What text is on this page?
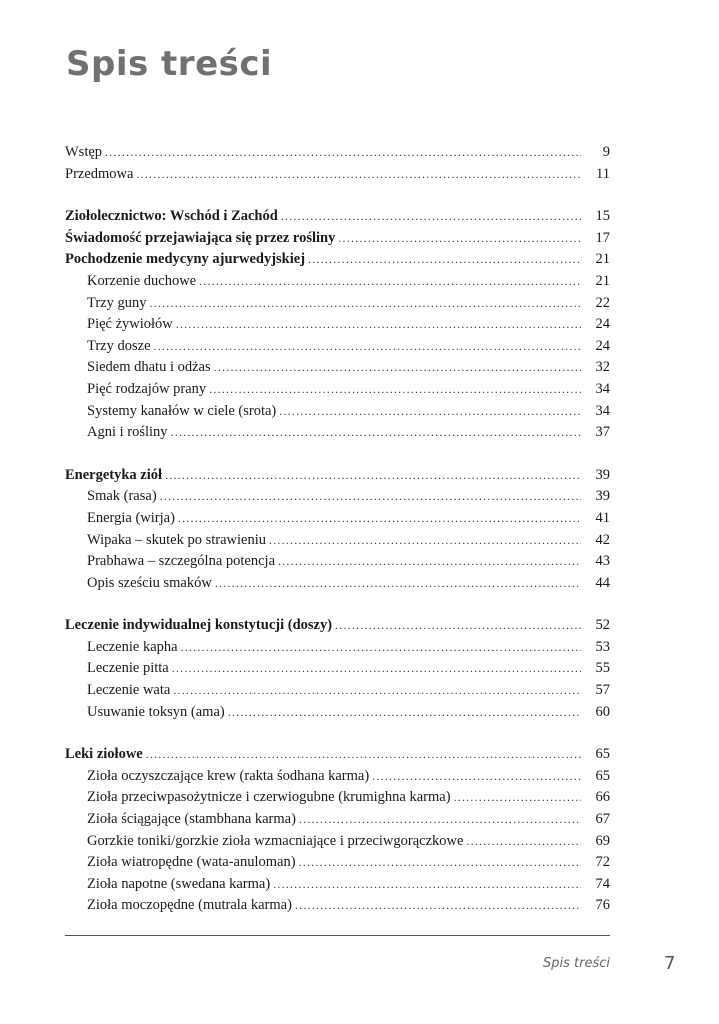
Spis treści
Wstęp .....	9
Przedmowa .....	11
Ziołolecznictwo: Wschód i Zachód .....	15
Świadomość przejawiająca się przez rośliny .....	17
Pochodzenie medycyny ajurwedyjskiej .....	21
Korzenie duchowe .....	21
Trzy guny .....	22
Pięć żywiołów .....	24
Trzy dosze .....	24
Siedem dhatu i odżas .....	32
Pięć rodzajów prany .....	34
Systemy kanałów w ciele (srota) .....	34
Agni i rośliny .....	37
Energetyka ziół .....	39
Smak (rasa) .....	39
Energia (wirja) .....	41
Wipaka – skutek po strawieniu .....	42
Prabhawa – szczególna potencja .....	43
Opis sześciu smaków .....	44
Leczenie indywidualnej konstytucji (doszy) .....	52
Leczenie kapha .....	53
Leczenie pitta .....	55
Leczenie wata .....	57
Usuwanie toksyn (ama) .....	60
Leki ziołowe .....	65
Zioła oczyszczające krew (rakta śodhana karma) .....	65
Zioła przeciwpasożytnicze i czerwiogubne (krumighna karma) .....	66
Zioła ściągające (stambhana karma) .....	67
Gorzkie toniki/gorzkie zioła wzmacniające i przeciwgorączkowe .....	69
Zioła wiatropędne (wata-anuloman) .....	72
Zioła napotne (swedana karma) .....	74
Zioła moczopędne (mutrala karma) .....	76
Spis treści	7
